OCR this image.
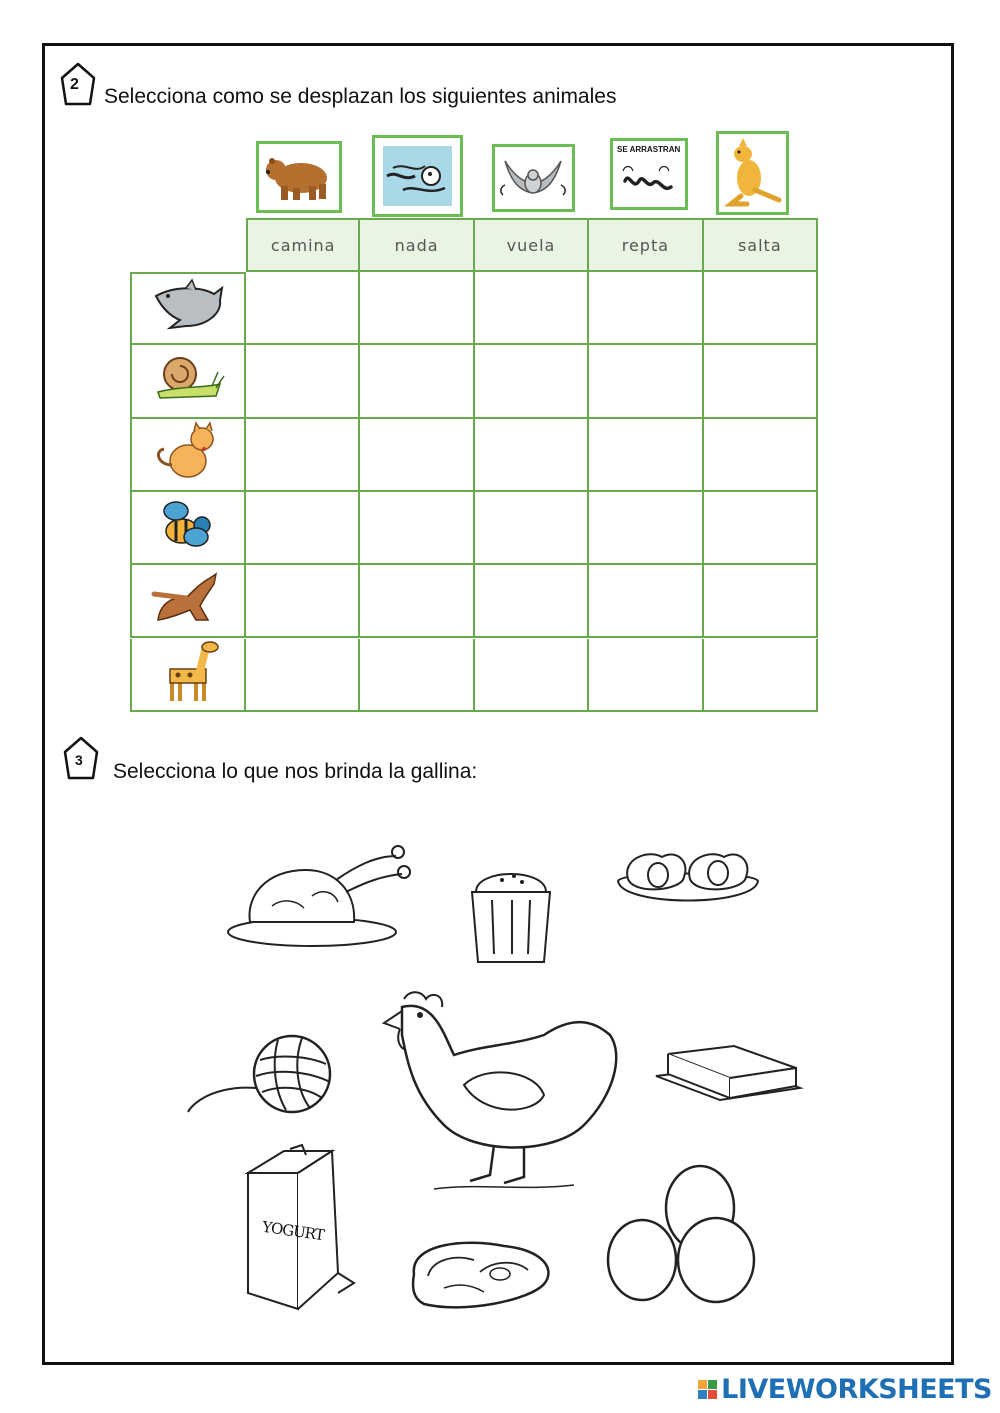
2
Selecciona como se desplazan los siguientes animales
SE ARRASTRAN
camina	nada	vuela	repta	salta
3 Selecciona lo que nos brinda la gallina:
YOGURT
LIVEWORKSHEETS
